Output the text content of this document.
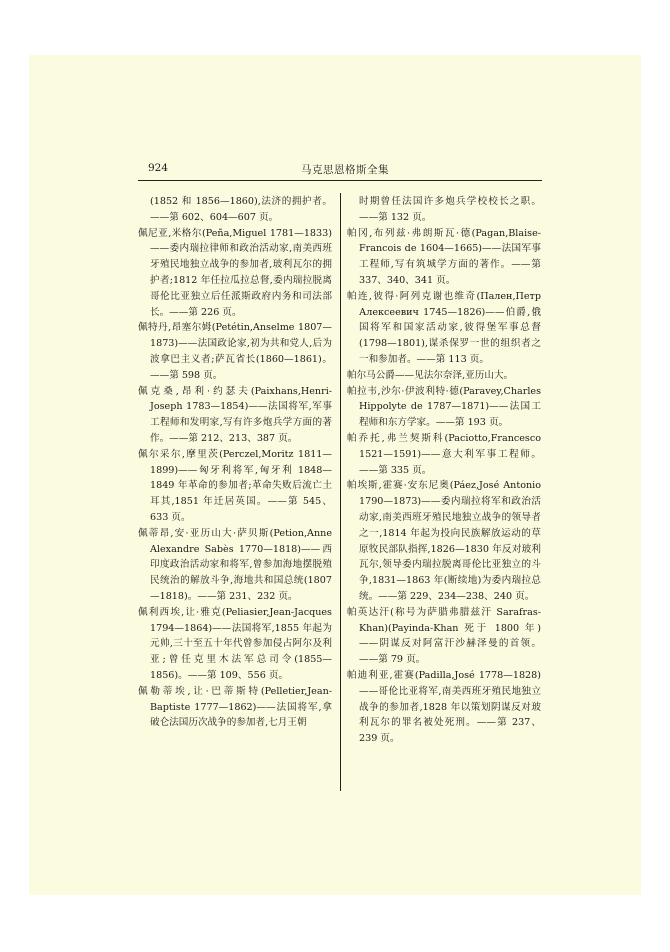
924	马克思恩格斯全集

(1852 和 1856—1860),法济的拥护者。——第 602、604—607 页。

佩尼亚,米格尔(Peña,Miguel 1781—1833)——委内瑞拉律师和政治活动家,南美西班牙殖民地独立战争的参加者,玻利瓦尔的拥护者;1812 年任拉瓜拉总督,委内瑞拉脱离哥伦比亚独立后任派斯政府内务和司法部长。——第 226 页。

佩特丹,昂塞尔姆(Petétin,Anselme 1807—1873)——法国政论家,初为共和党人,后为波拿巴主义者;萨瓦省长(1860—1861)。——第 598 页。

佩克桑,昂利·约瑟夫(Paixhans,Henri-Joseph 1783—1854)——法国将军,军事工程师和发明家,写有许多炮兵学方面的著作。——第 212、213、387 页。

佩尔采尔,摩里茨(Perczel,Moritz 1811—1899)——匈牙利将军,匈牙利 1848—1849 年革命的参加者;革命失败后流亡土耳其,1851 年迁居英国。——第 545、633 页。

佩蒂昂,安·亚历山大·萨贝斯(Petion,Anne Alexandre Sabès 1770—1818)——西印度政治活动家和将军,曾参加海地摆脱殖民统治的解放斗争,海地共和国总统(1807—1818)。——第 231、232 页。

佩利西埃,让·雅克(Peliasier,Jean-Jacques 1794—1864)——法国将军,1855 年起为元帅,三十至五十年代曾参加侵占阿尔及利亚;曾任克里木法军总司令(1855—1856)。——第 109、556 页。

佩勒蒂埃,让·巴蒂斯特(Pelletier,Jean-Baptiste 1777—1862)——法国将军,拿破仑法国历次战争的参加者,七月王朝

时期曾任法国许多炮兵学校校长之职。——第 132 页。

帕冈,布列兹·弗朗斯瓦·德(Pagan,Blaise-Francois de 1604—1665)——法国军事工程师,写有筑城学方面的著作。——第 337、340、341 页。

帕连,彼得·阿列克谢也维奇(Пален,Петр Алексеевич 1745—1826)——伯爵,俄国将军和国家活动家,彼得堡军事总督(1798—1801),谋杀保罗一世的组织者之一和参加者。——第 113 页。

帕尔马公爵——见法尔奈泽,亚历山大。

帕拉韦,沙尔·伊波利特·德(Paravey,Charles Hippolyte de 1787—1871)——法国工程师和东方学家。——第 193 页。

帕乔托,弗兰契斯科(Paciotto,Francesco 1521—1591)——意大利军事工程师。——第 335 页。

帕埃斯,霍赛·安东尼奥(Páez,José Antonio 1790—1873)——委内瑞拉将军和政治活动家,南美西班牙殖民地独立战争的领导者之一,1814 年起为投向民族解放运动的草原牧民部队指挥,1826—1830 年反对玻利瓦尔,领导委内瑞拉脱离哥伦比亚独立的斗争,1831—1863 年(断续地)为委内瑞拉总统。——第 229、234—238、240 页。

帕英达汗(称号为萨腊弗腊兹汗 Sarafras-Khan)(Payinda-Khan 死于 1800 年)——阴谋反对阿富汗沙赫泽曼的首领。——第 79 页。

帕迪利亚,霍赛(Padilla,José 1778—1828)——哥伦比亚将军,南美西班牙殖民地独立战争的参加者,1828 年以策划阴谋反对玻利瓦尔的罪名被处死刑。——第 237、239 页。
